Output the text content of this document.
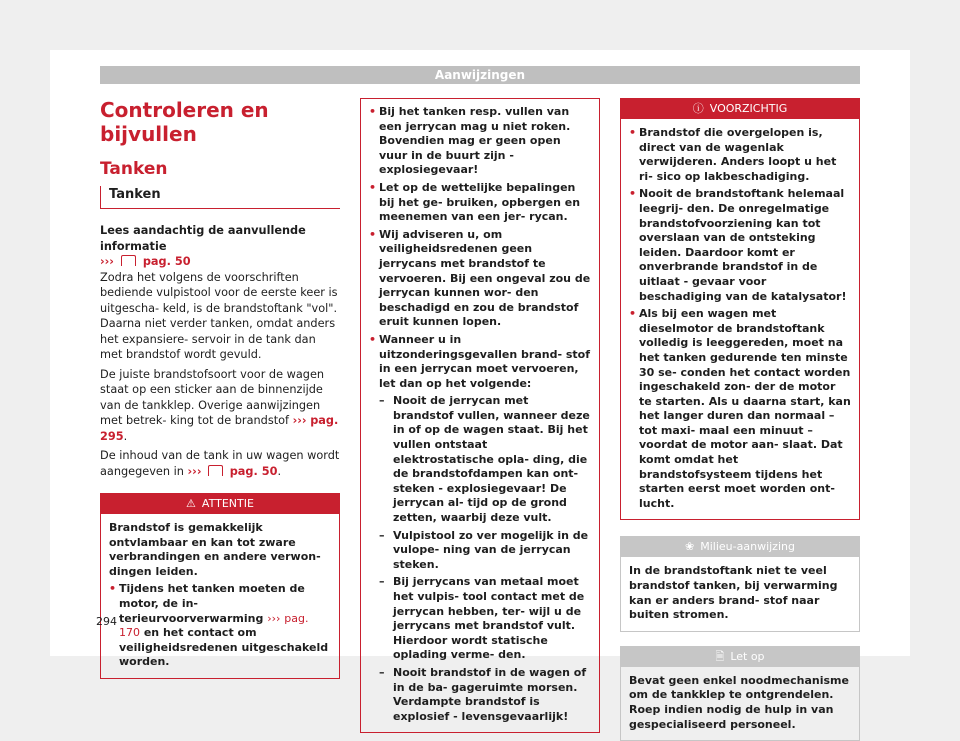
Aanwijzingen
Controleren en bijvullen
Tanken
Tanken

Lees aandachtig de aanvullende informatie
›››	pag. 50

Zodra het volgens de voorschriften bediende vulpistool voor de eerste keer is uitgescha- keld, is de brandstoftank "vol". Daarna niet verder tanken, omdat anders het expansiere- servoir in de tank dan met brandstof wordt gevuld.

De juiste brandstofsoort voor de wagen staat op een sticker aan de binnenzijde van de tankklep. Overige aanwijzingen met betrek- king tot de brandstof ››› pag. 295.

De inhoud van de tank in uw wagen wordt aangegeven in ››› pag. 50.

⚠ ATTENTIE

Brandstof is gemakkelijk ontvlambaar en kan tot zware verbrandingen en andere verwon- dingen leiden.

• Tijdens het tanken moeten de motor, de in- terieurvoorverwarming ››› pag. 170 en het contact om veiligheidsredenen uitgeschakeld worden.

• Bij het tanken resp. vullen van een jerrycan mag u niet roken. Bovendien mag er geen open vuur in de buurt zijn - explosiegevaar!

• Let op de wettelijke bepalingen bij het ge- bruiken, opbergen en meenemen van een jer- rycan.

• Wij adviseren u, om veiligheidsredenen geen jerrycans met brandstof te vervoeren. Bij een ongeval zou de jerrycan kunnen wor- den beschadigd en zou de brandstof eruit kunnen lopen.

• Wanneer u in uitzonderingsgevallen brand- stof in een jerrycan moet vervoeren, let dan op het volgende:

– Nooit de jerrycan met brandstof vullen, wanneer deze in of op de wagen staat. Bij het vullen ontstaat elektrostatische opla- ding, die de brandstofdampen kan ont- steken - explosiegevaar! De jerrycan al- tijd op de grond zetten, waarbij deze vult.

– Vulpistool zo ver mogelijk in de vulope- ning van de jerrycan steken.

– Bij jerrycans van metaal moet het vulpis- tool contact met de jerrycan hebben, ter- wijl u de jerrycans met brandstof vult. Hierdoor wordt statische oplading verme- den.

– Nooit brandstof in de wagen of in de ba- gageruimte morsen. Verdampte brandstof is explosief - levensgevaarlijk!

ⓘ VOORZICHTIG

• Brandstof die overgelopen is, direct van de wagenlak verwijderen. Anders loopt u het ri- sico op lakbeschadiging.

• Nooit de brandstoftank helemaal leegrij- den. De onregelmatige brandstofvoorziening kan tot overslaan van de ontsteking leiden. Daardoor komt er onverbrande brandstof in de uitlaat - gevaar voor beschadiging van de katalysator!

• Als bij een wagen met dieselmotor de brandstoftank volledig is leeggereden, moet na het tanken gedurende ten minste 30 se- conden het contact worden ingeschakeld zon- der de motor te starten. Als u daarna start, kan het langer duren dan normaal – tot maxi- maal een minuut – voordat de motor aan- slaat. Dat komt omdat het brandstofsysteem tijdens het starten eerst moet worden ont- lucht.

❀ Milieu-aanwijzing
In de brandstoftank niet te veel brandstof tanken, bij verwarming kan er anders brand- stof naar buiten stromen.
🗎 Let op
Bevat geen enkel noodmechanisme om de tankklep te ontgrendelen. Roep indien nodig de hulp in van gespecialiseerd personeel.
294
